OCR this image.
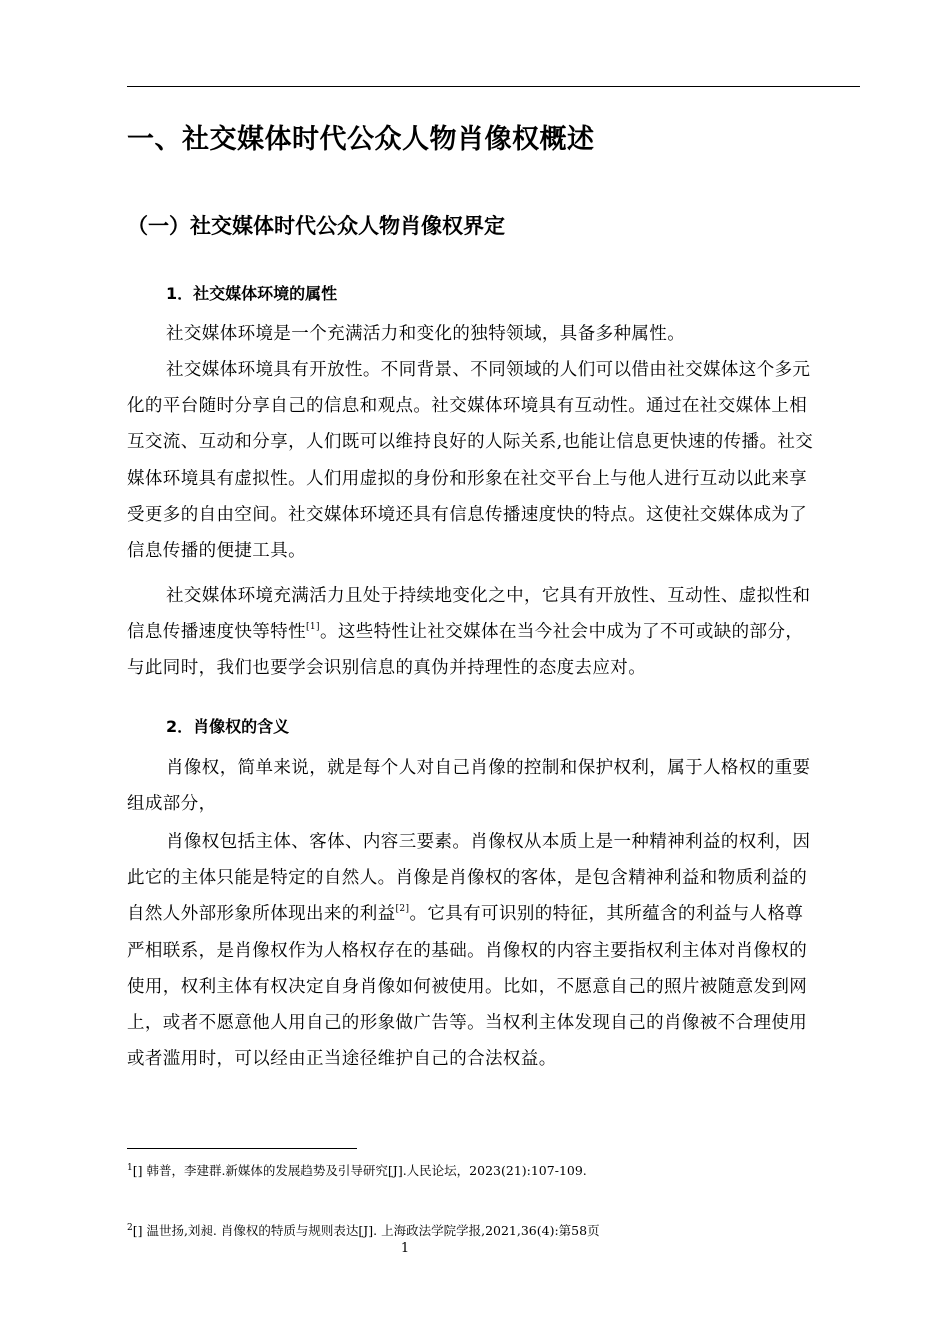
一、社交媒体时代公众人物肖像权概述
（一）社交媒体时代公众人物肖像权界定
1．社交媒体环境的属性
社交媒体环境是一个充满活力和变化的独特领域，具备多种属性。
社交媒体环境具有开放性。不同背景、不同领域的人们可以借由社交媒体这个多元
化的平台随时分享自己的信息和观点。社交媒体环境具有互动性。通过在社交媒体上相
互交流、互动和分享，人们既可以维持良好的人际关系,也能让信息更快速的传播。社交
媒体环境具有虚拟性。人们用虚拟的身份和形象在社交平台上与他人进行互动以此来享
受更多的自由空间。社交媒体环境还具有信息传播速度快的特点。这使社交媒体成为了
信息传播的便捷工具。
社交媒体环境充满活力且处于持续地变化之中，它具有开放性、互动性、虚拟性和
信息传播速度快等特性[1]。这些特性让社交媒体在当今社会中成为了不可或缺的部分，
与此同时，我们也要学会识别信息的真伪并持理性的态度去应对。
2．肖像权的含义
肖像权，简单来说，就是每个人对自己肖像的控制和保护权利，属于人格权的重要
组成部分，
肖像权包括主体、客体、内容三要素。肖像权从本质上是一种精神利益的权利，因
此它的主体只能是特定的自然人。肖像是肖像权的客体，是包含精神利益和物质利益的
自然人外部形象所体现出来的利益[2]。它具有可识别的特征，其所蕴含的利益与人格尊
严相联系，是肖像权作为人格权存在的基础。肖像权的内容主要指权利主体对肖像权的
使用，权利主体有权决定自身肖像如何被使用。比如，不愿意自己的照片被随意发到网
上，或者不愿意他人用自己的形象做广告等。当权利主体发现自己的肖像被不合理使用
或者滥用时，可以经由正当途径维护自己的合法权益。
$^1$[] 韩普，李建群.新媒体的发展趋势及引导研究[J].人民论坛，2023(21):107-109.
$^2$[] 温世扬,刘昶. 肖像权的特质与规则表达[J]. 上海政法学院学报,2021,36(4):第58页
1
